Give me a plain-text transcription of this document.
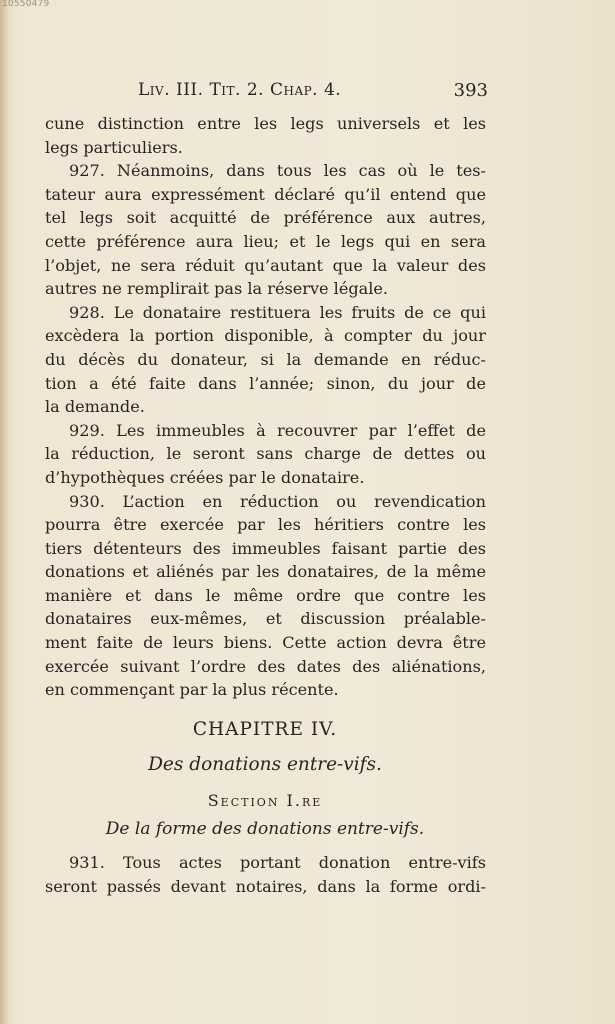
10550479
Liv. III. Tit. 2. Chap. 4.	393
cune distinction entre les legs universels et les
legs particuliers.
927. Néanmoins, dans tous les cas où le tes-
tateur aura expressément déclaré qu’il entend que
tel legs soit acquitté de préférence aux autres,
cette préférence aura lieu; et le legs qui en sera
l’objet, ne sera réduit qu’autant que la valeur des
autres ne remplirait pas la réserve légale.
928. Le donataire restituera les fruits de ce qui
excèdera la portion disponible, à compter du jour
du décès du donateur, si la demande en réduc-
tion a été faite dans l’année; sinon, du jour de
la demande.
929. Les immeubles à recouvrer par l’effet de
la réduction, le seront sans charge de dettes ou
d’hypothèques créées par le donataire.
930. L’action en réduction ou revendication
pourra être exercée par les héritiers contre les
tiers détenteurs des immeubles faisant partie des
donations et aliénés par les donataires, de la même
manière et dans le même ordre que contre les
donataires eux-mêmes, et discussion préalable-
ment faite de leurs biens. Cette action devra être
exercée suivant l’ordre des dates des aliénations,
en commençant par la plus récente.
CHAPITRE IV.
Des donations entre-vifs.
Section I.re
De la forme des donations entre-vifs.
931. Tous actes portant donation entre-vifs
seront passés devant notaires, dans la forme ordi-
